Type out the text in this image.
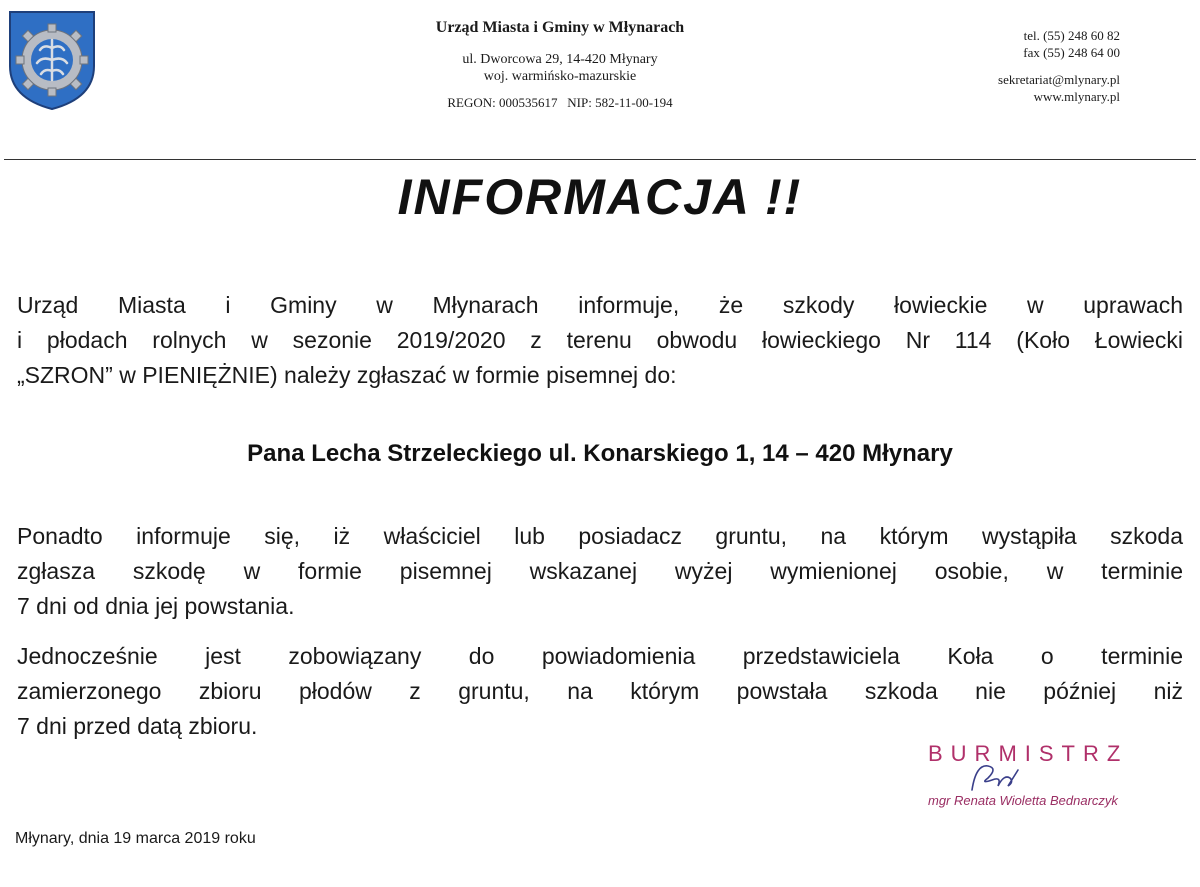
Urząd Miasta i Gminy w Młynarach
ul. Dworcowa 29, 14-420 Młynary
woj. warmińsko-mazurskie
REGON: 000535617   NIP: 582-11-00-194
tel. (55) 248 60 82
fax (55) 248 64 00
sekretariat@mlynary.pl
www.mlynary.pl
INFORMACJA !!
Urząd Miasta i Gminy w Młynarach informuje, że szkody łowieckie w uprawach
i płodach rolnych w sezonie 2019/2020 z terenu obwodu łowieckiego Nr 114 (Koło Łowiecki
„SZRON” w PIENIĘŻNIE) należy zgłaszać w formie pisemnej do:
Pana Lecha Strzeleckiego ul. Konarskiego 1, 14 – 420 Młynary
Ponadto informuje się, iż właściciel lub posiadacz gruntu, na którym wystąpiła szkoda
zgłasza szkodę w formie pisemnej wskazanej wyżej wymienionej osobie, w terminie
7 dni od dnia jej powstania.
Jednocześnie jest zobowiązany do powiadomienia przedstawiciela Koła o terminie
zamierzonego zbioru płodów z gruntu, na którym powstała szkoda nie później niż
7 dni przed datą zbioru.
BURMISTRZ
mgr Renata Wioletta Bednarczyk
Młynary, dnia 19 marca 2019 roku
